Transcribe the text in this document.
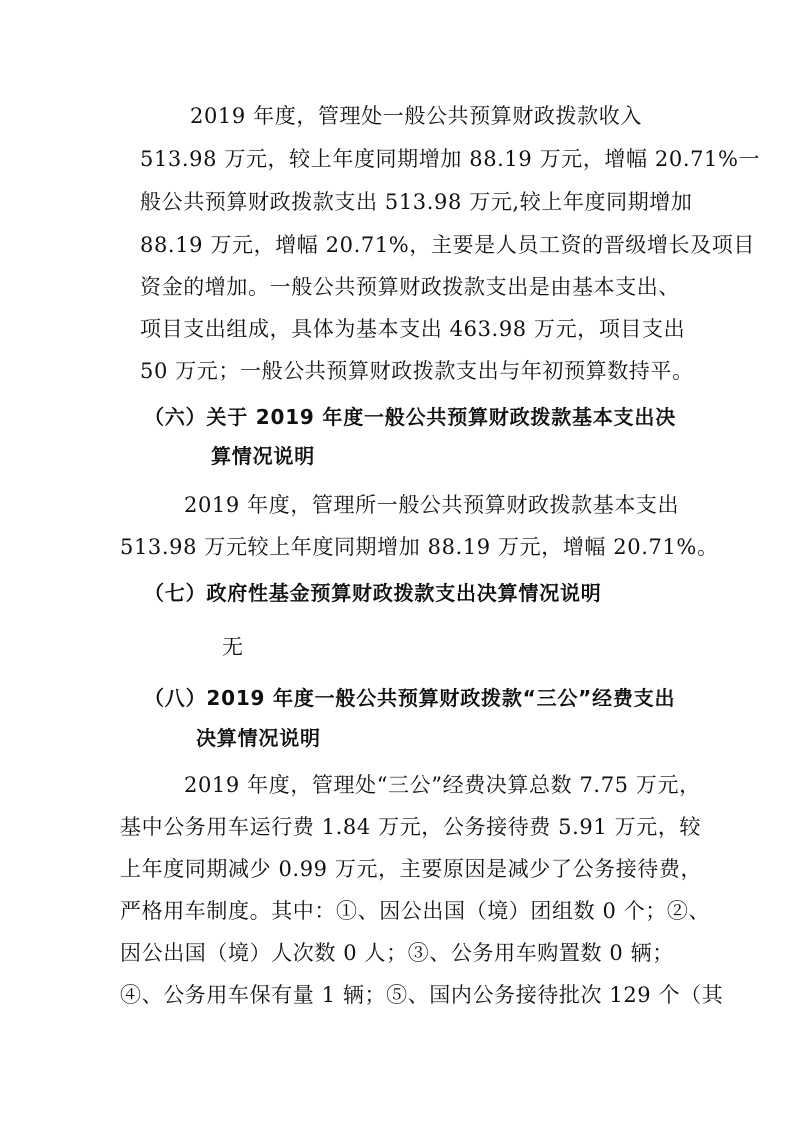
2019 年度，管理处一般公共预算财政拨款收入
513.98 万元，较上年度同期增加 88.19 万元，增幅 20.71%一
般公共预算财政拨款支出 513.98 万元,较上年度同期增加
88.19 万元，增幅 20.71%，主要是人员工资的晋级增长及项目
资金的增加。一般公共预算财政拨款支出是由基本支出、
项目支出组成，具体为基本支出 463.98 万元，项目支出
50 万元；一般公共预算财政拨款支出与年初预算数持平。
（六）关于 2019 年度一般公共预算财政拨款基本支出决
算情况说明
2019 年度，管理所一般公共预算财政拨款基本支出
513.98 万元较上年度同期增加 88.19 万元，增幅 20.71%。
（七）政府性基金预算财政拨款支出决算情况说明
无
（八）2019 年度一般公共预算财政拨款“三公”经费支出
决算情况说明
2019 年度，管理处“三公”经费决算总数 7.75 万元，
基中公务用车运行费 1.84 万元，公务接待费 5.91 万元，较
上年度同期减少 0.99 万元，主要原因是减少了公务接待费，
严格用车制度。其中：①、因公出国（境）团组数 0 个；②、
因公出国（境）人次数 0 人；③、公务用车购置数 0 辆；
④、公务用车保有量 1 辆；⑤、国内公务接待批次 129 个（其
